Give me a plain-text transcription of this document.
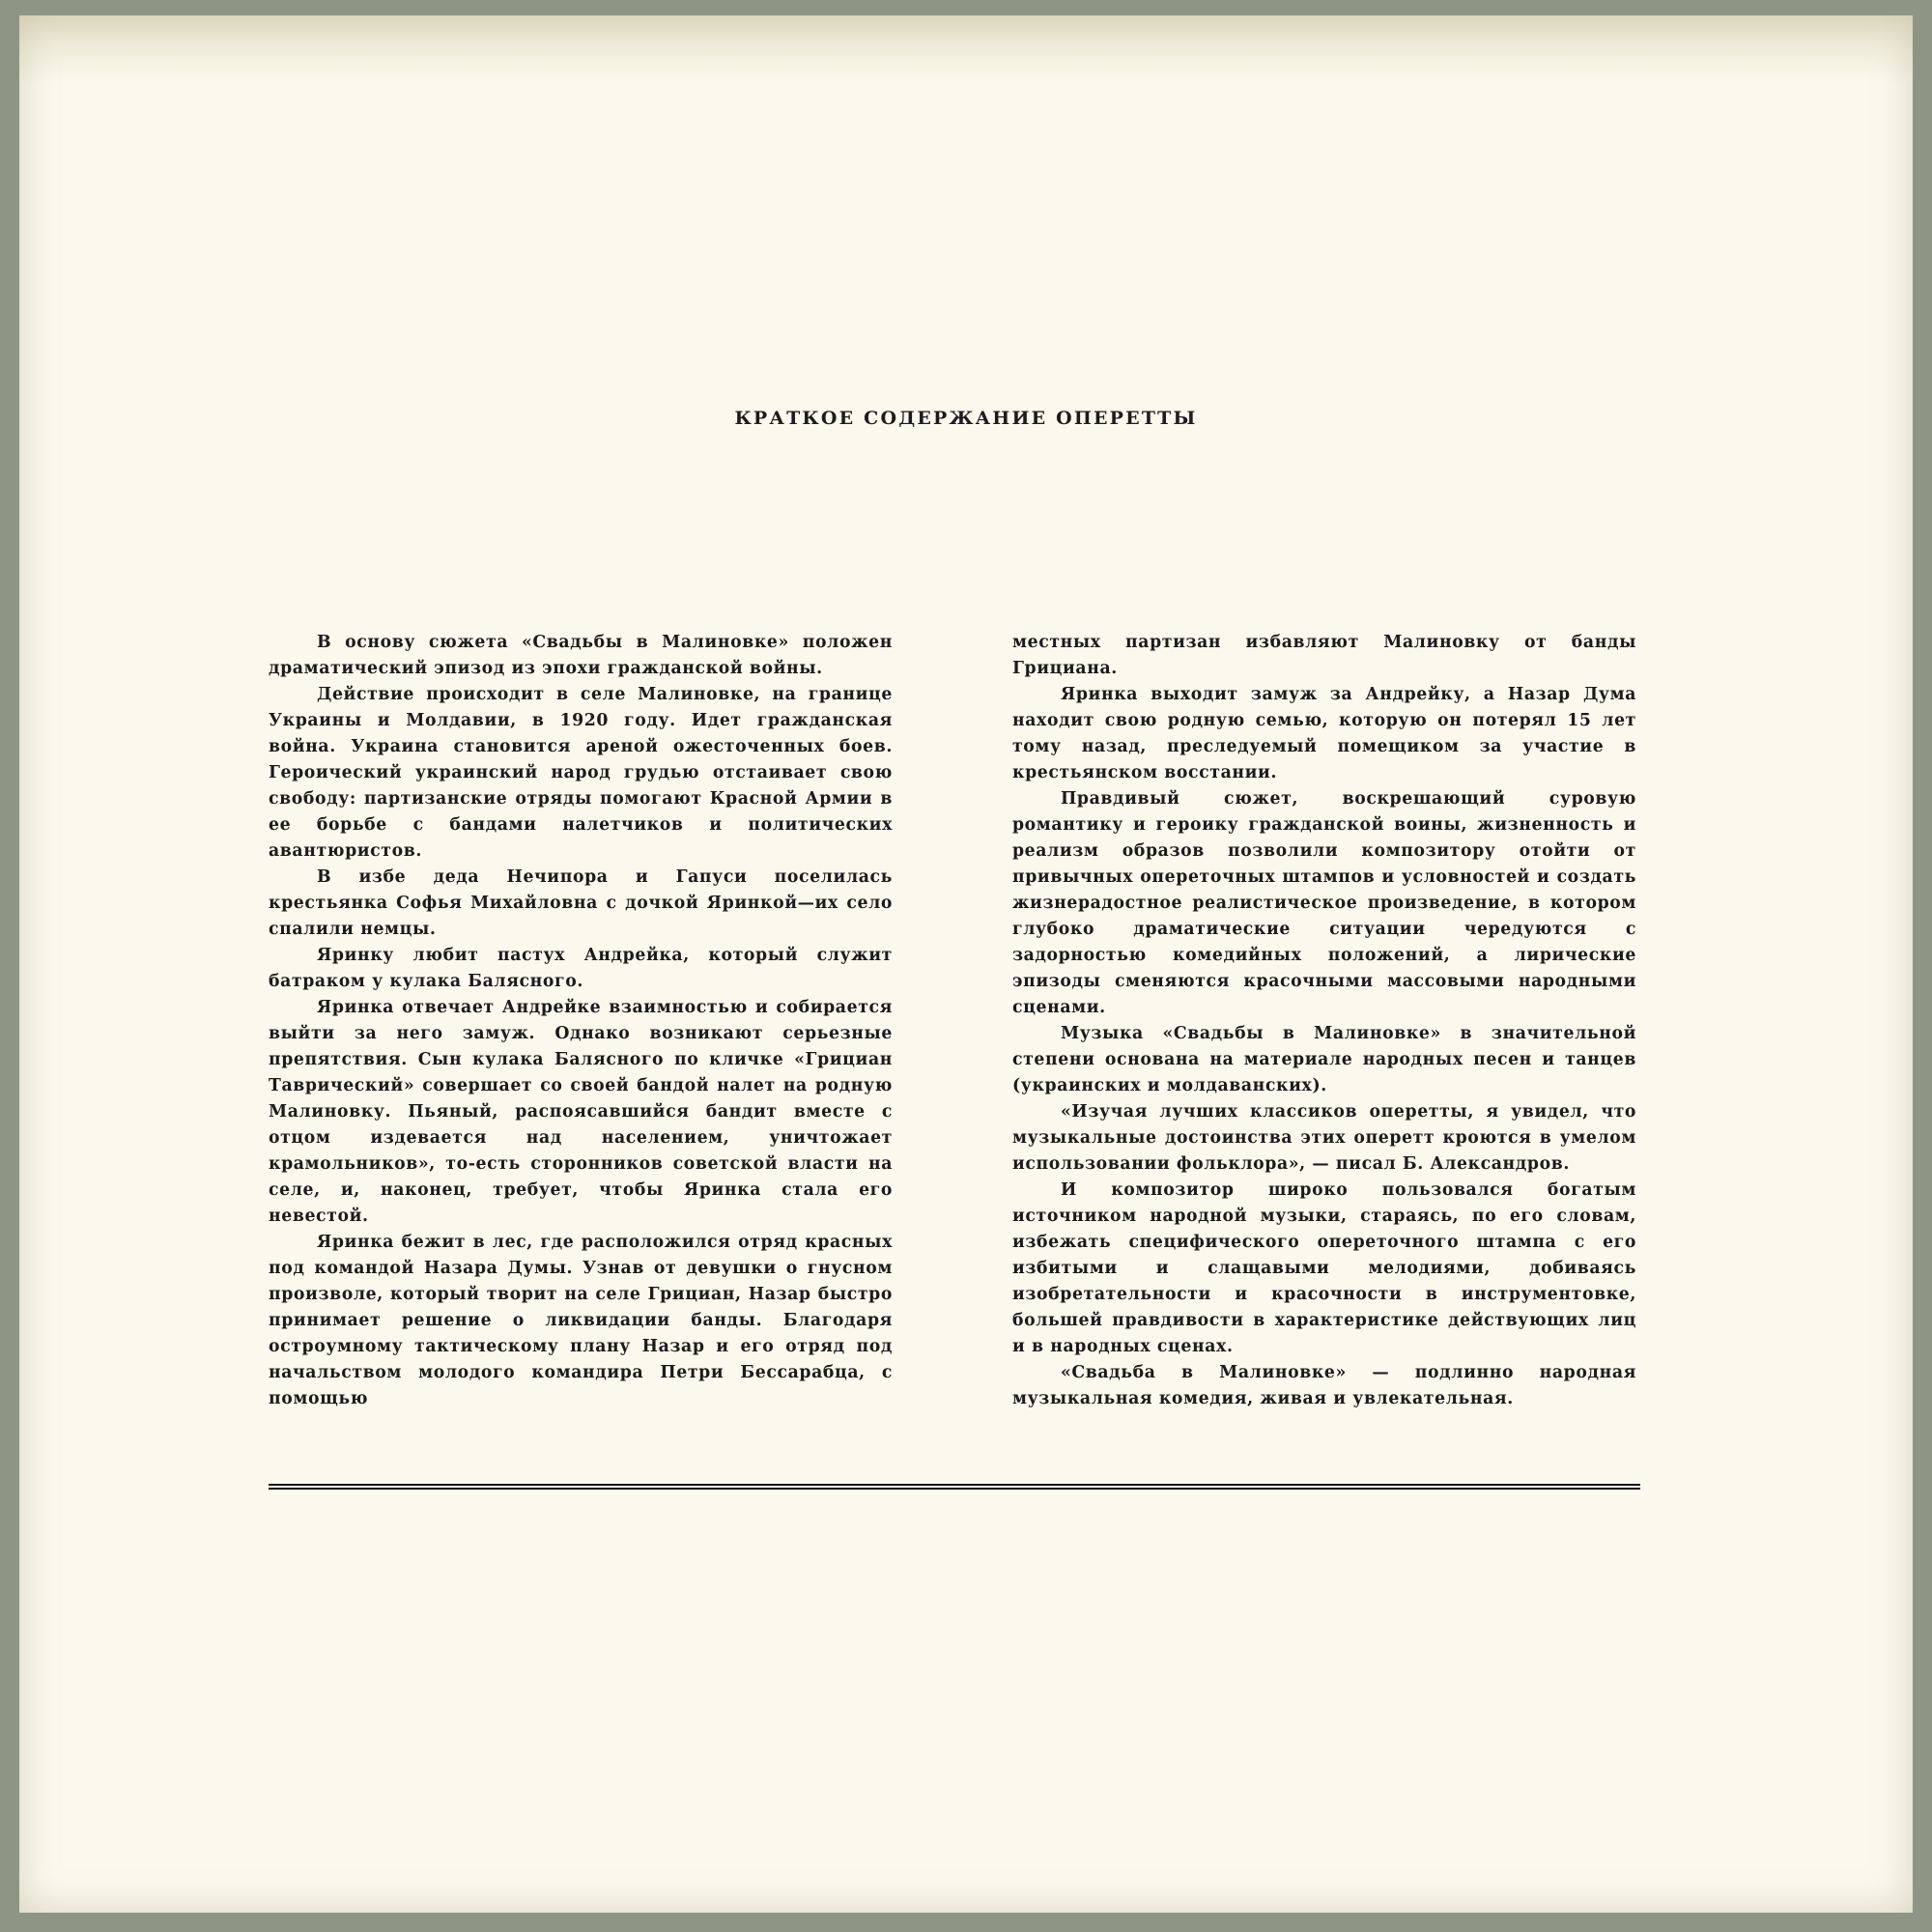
КРАТКОЕ СОДЕРЖАНИЕ ОПЕРЕТТЫ

В основу сюжета «Свадьбы в Малиновке» положен драматический эпизод из эпохи гражданской войны.

Действие происходит в селе Малиновке, на границе Украины и Молдавии, в 1920 году. Идет гражданская война. Украина становится ареной ожесточенных боев. Героический украинский народ грудью отстаивает свою свободу: партизанские отряды помогают Красной Армии в ее борьбе с бандами налетчиков и политических авантюристов.

В избе деда Нечипора и Гапуси поселилась крестьянка Софья Михайловна с дочкой Яринкой—их село спалили немцы.

Яринку любит пастух Андрейка, который служит батраком у кулака Балясного.

Яринка отвечает Андрейке взаимностью и собирается выйти за него замуж. Однако возникают серьезные препятствия. Сын кулака Балясного по кличке «Грициан Таврический» совершает со своей бандой налет на родную Малиновку. Пьяный, распоясавшийся бандит вместе с отцом издевается над населением, уничтожает крамольников», то-есть сторонников советской власти на селе, и, наконец, требует, чтобы Яринка стала его невестой.

Яринка бежит в лес, где расположился отряд красных под командой Назара Думы. Узнав от девушки о гнусном произволе, который творит на селе Грициан, Назар быстро принимает решение о ликвидации банды. Благодаря остроумному тактическому плану Назар и его отряд под начальством молодого командира Петри Бессарабца, с помощью

местных партизан избавляют Малиновку от банды Грициана.

Яринка выходит замуж за Андрейку, а Назар Дума находит свою родную семью, которую он потерял 15 лет тому назад, преследуемый помещиком за участие в крестьянском восстании.

Правдивый сюжет, воскрешающий суровую романтику и героику гражданской воины, жизненность и реализм образов позволили композитору отойти от привычных опереточных штампов и условностей и создать жизнерадостное реалистическое произведение, в котором глубоко драматические ситуации чередуются с задорностью комедийных положений, а лирические эпизоды сменяются красочными массовыми народными сценами.

Музыка «Свадьбы в Малиновке» в значительной степени основана на материале народных песен и танцев (украинских и молдаванских).

«Изучая лучших классиков оперетты, я увидел, что музыкальные достоинства этих оперетт кроются в умелом использовании фольклора», — писал Б. Александров.

И композитор широко пользовался богатым источником народной музыки, стараясь, по его словам, избежать специфического опереточного штампа с его избитыми и слащавыми мелодиями, добиваясь изобретательности и красочности в инструментовке, большей правдивости в характеристике действующих лиц и в народных сценах.

«Свадьба в Малиновке» — подлинно народная музыкальная комедия, живая и увлекательная.
